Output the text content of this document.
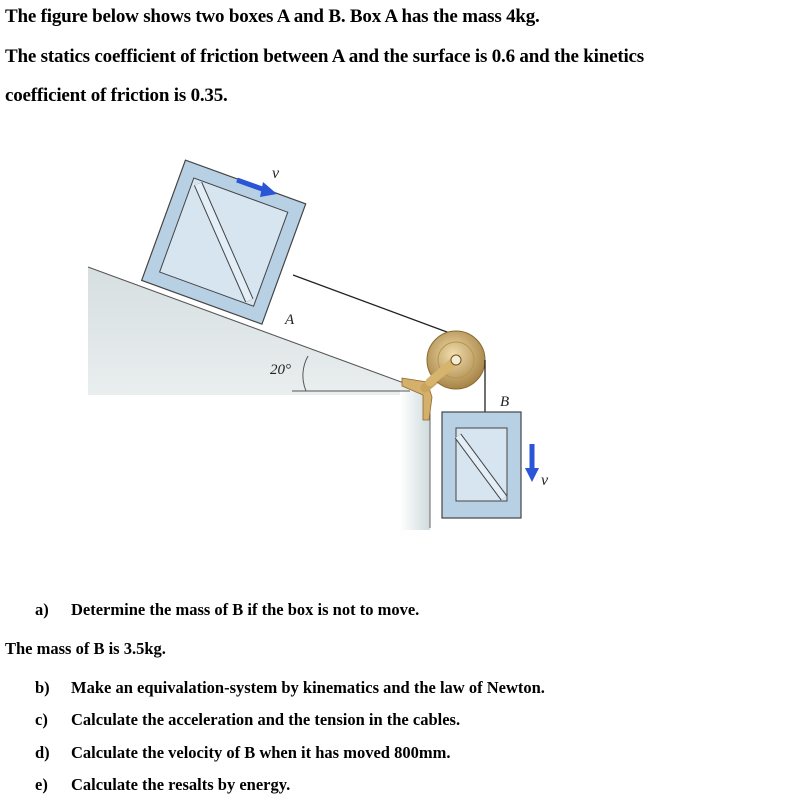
The figure below shows two boxes A and B. Box A has the mass 4kg.
The statics coefficient of friction between A and the surface is 0.6 and the kinetics
coefficient of friction is 0.35.
20°
A
v
B
v
a) Determine the mass of B if the box is not to move.
The mass of B is 3.5kg.
b) Make an equivalation-system by kinematics and the law of Newton.
c) Calculate the acceleration and the tension in the cables.
d) Calculate the velocity of B when it has moved 800mm.
e) Calculate the resalts by energy.
